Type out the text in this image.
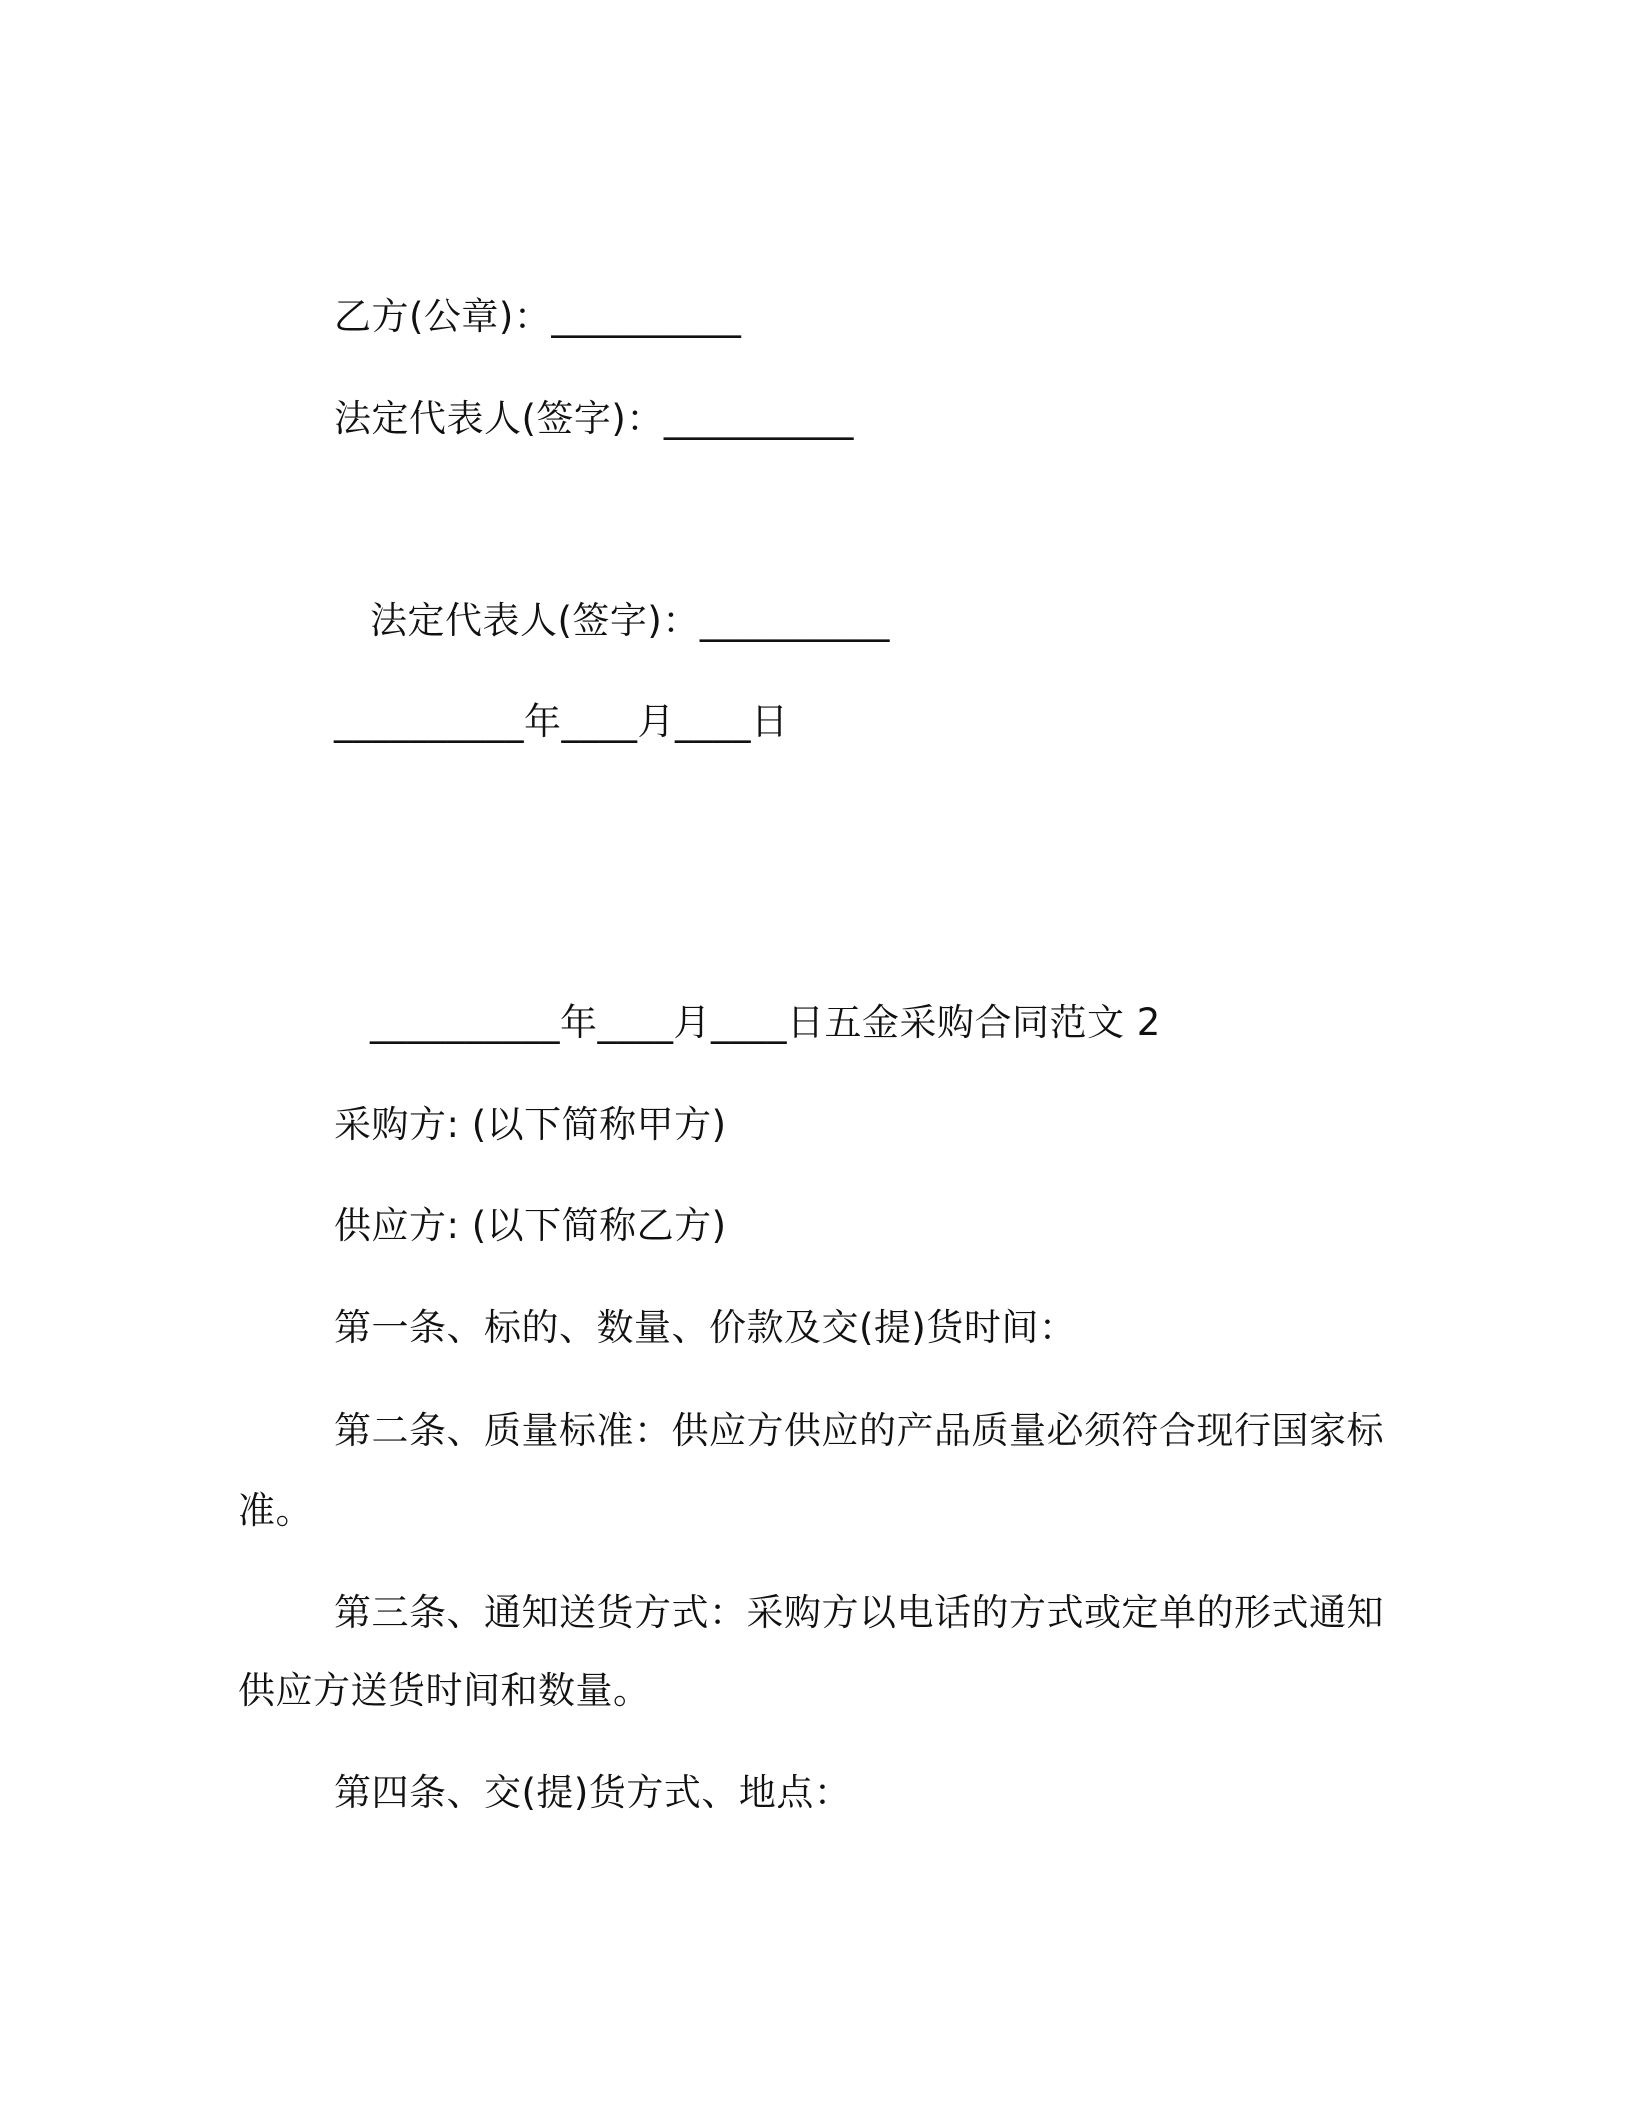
乙方(公章)：__________
法定代表人(签字)：__________
法定代表人(签字)：__________
__________年____月____日
__________年____月____日五金采购合同范文 2
采购方: (以下简称甲方)
供应方: (以下简称乙方)
第一条、标的、数量、价款及交(提)货时间：
第二条、质量标准：供应方供应的产品质量必须符合现行国家标
准。
第三条、通知送货方式：采购方以电话的方式或定单的形式通知
供应方送货时间和数量。
第四条、交(提)货方式、地点：
